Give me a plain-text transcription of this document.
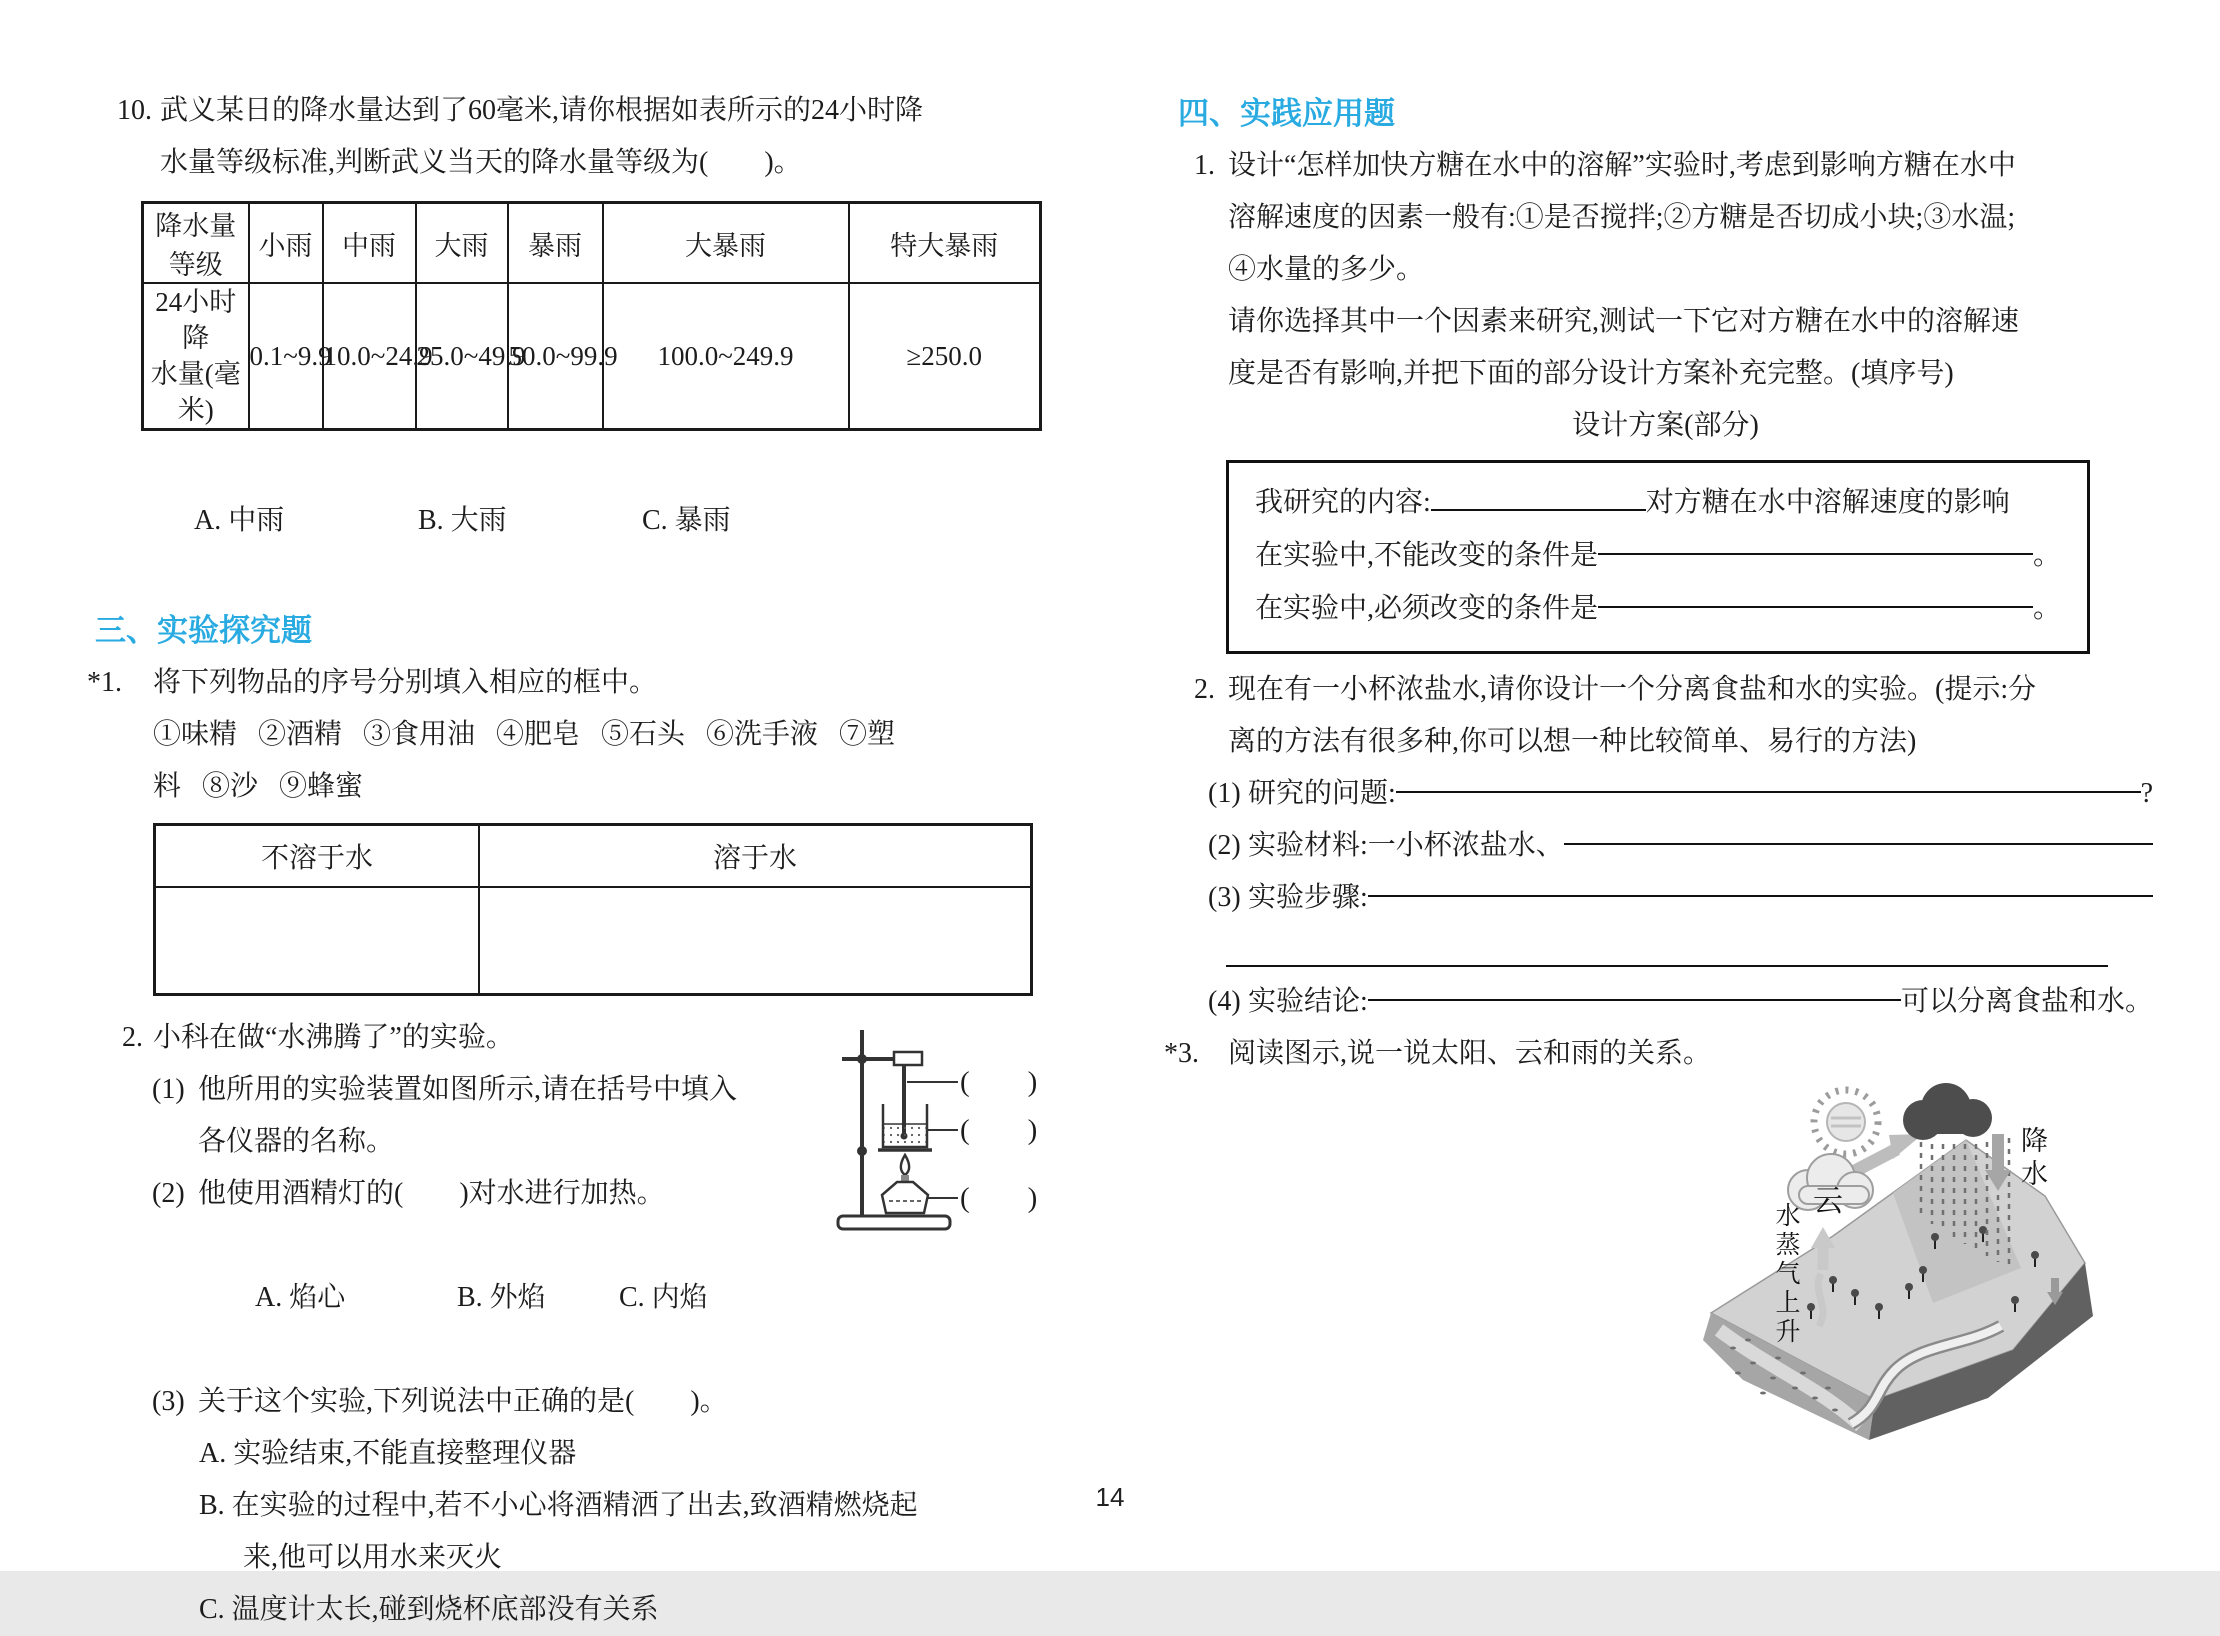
10. 武义某日的降水量达到了60毫米,请你根据如表所示的24小时降
水量等级标准,判断武义当天的降水量等级为(        )。
降水量等级	小雨	中雨	大雨	暴雨	大暴雨	特大暴雨

24小时降
水量(毫米)	0.1~9.9	10.0~24.9	25.0~49.9	50.0~99.9	100.0~249.9	≥250.0

A. 中雨	B. 大雨	C. 暴雨

三、实验探究题
*1. 将下列物品的序号分别填入相应的框中。
①味精   ②酒精   ③食用油   ④肥皂   ⑤石头   ⑥洗手液   ⑦塑
料   ⑧沙   ⑨蜂蜜
不溶于水	溶于水

2. 小科在做“水沸腾了”的实验。
(1) 他所用的实验装置如图所示,请在括号中填入
各仪器的名称。
(2) 他使用酒精灯的(        )对水进行加热。

A. 焰心	B. 外焰	C. 内焰

(3) 关于这个实验,下列说法中正确的是(        )。
A. 实验结束,不能直接整理仪器
B. 在实验的过程中,若不小心将酒精洒了出去,致酒精燃烧起
来,他可以用水来灭火
C. 温度计太长,碰到烧杯底部没有关系
(        )
(        )
(        )
四、实践应用题
1. 设计“怎样加快方糖在水中的溶解”实验时,考虑到影响方糖在水中
溶解速度的因素一般有:①是否搅拌;②方糖是否切成小块;③水温;
④水量的多少。
请你选择其中一个因素来研究,测试一下它对方糖在水中的溶解速
度是否有影响,并把下面的部分设计方案补充完整。(填序号)
设计方案(部分)
我研究的内容:	对方糖在水中溶解速度的影响
在实验中,不能改变的条件是	。
在实验中,必须改变的条件是	。
2. 现在有一小杯浓盐水,请你设计一个分离食盐和水的实验。(提示:分
离的方法有很多种,你可以想一种比较简单、易行的方法)
(1) 研究的问题:	?
(2) 实验材料:一小杯浓盐水、
(3) 实验步骤:
(4) 实验结论:	可以分离食盐和水。
*3. 阅读图示,说一说太阳、云和雨的关系。
云
降水
水蒸气上升
14
